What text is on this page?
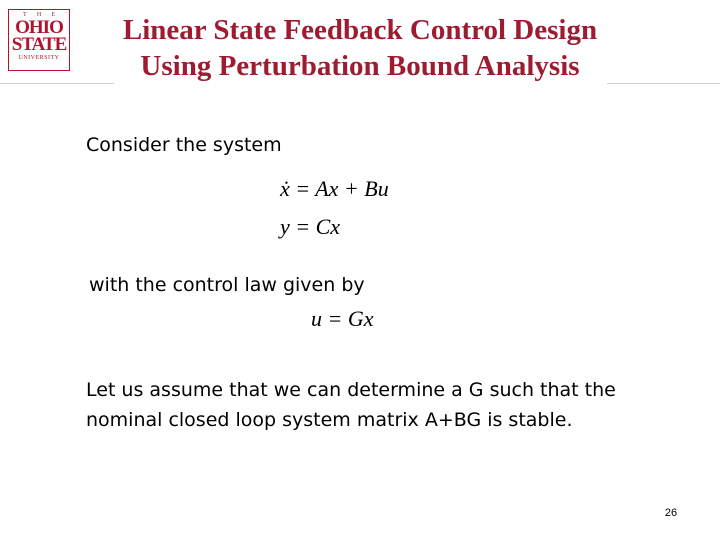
T H E
OHIO
STATE
UNIVERSITY
Linear State Feedback Control Design
Using Perturbation Bound Analysis

Consider the system

ẋ = Ax + Bu
y = Cx

with the control law given by

u = Gx

Let us assume that we can determine a G such that the

nominal closed loop system matrix A+BG is stable.

26
